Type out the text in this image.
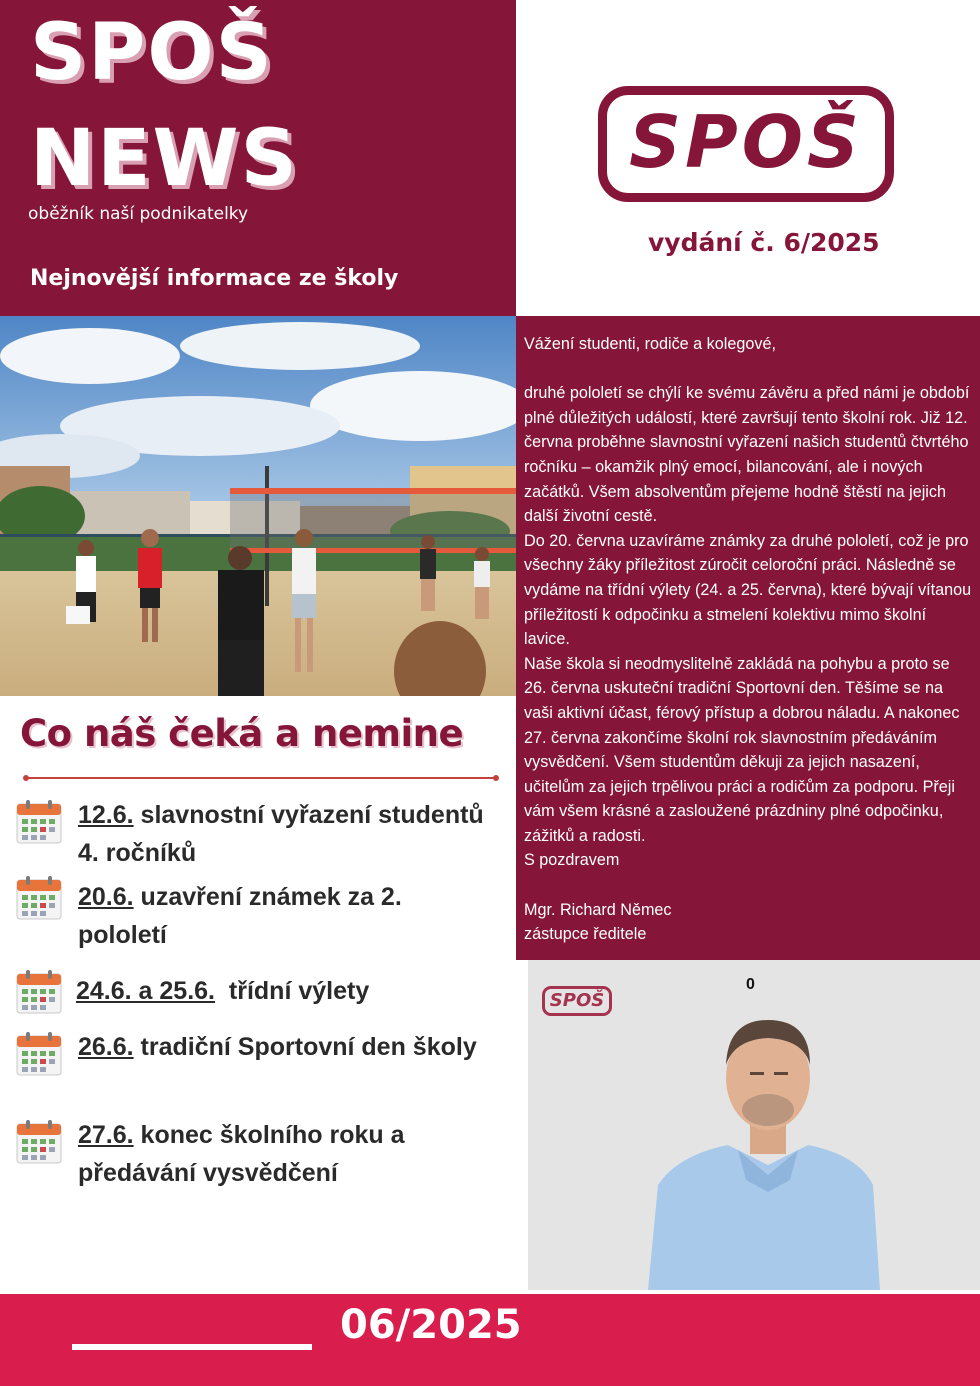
SPOŠ
NEWS
oběžník naší podnikatelky
Nejnovější informace ze školy
SPOŠ
vydání č. 6/2025

Vážení studenti, rodiče a kolegové,

druhé pololetí se chýlí ke svému závěru a před námi je období plné důležitých událostí, které završují tento školní rok. Již 12. června proběhne slavnostní vyřazení našich studentů čtvrtého ročníku – okamžik plný emocí, bilancování, ale i nových začátků. Všem absolventům přejeme hodně štěstí na jejich další životní cestě.

Do 20. června uzavíráme známky za druhé pololetí, což je pro všechny žáky příležitost zúročit celoroční práci. Následně se vydáme na třídní výlety (24. a 25. června), které bývají vítanou příležitostí k odpočinku a stmelení kolektivu mimo školní lavice.

Naše škola si neodmyslitelně zakládá na pohybu a proto se 26. června uskuteční tradiční Sportovní den. Těšíme se na vaši aktivní účast, férový přístup a dobrou náladu. A nakonec 27. června zakončíme školní rok slavnostním předáváním vysvědčení. Všem studentům děkuji za jejich nasazení, učitelům za jejich trpělivou práci a rodičům za podporu. Přeji vám všem krásné a zasloužené prázdniny plné odpočinku, zážitků a radosti.

S pozdravem

Mgr. Richard Němec

zástupce ředitele

Co náš čeká a nemine
12.6. slavnostní vyřazení studentů 4. ročníků
20.6. uzavření známek za 2. pololetí
24.6. a 25.6.  třídní výlety
26.6. tradiční Sportovní den školy
27.6. konec školního roku a předávání vysvědčení
SPOŠ
0
06/2025
